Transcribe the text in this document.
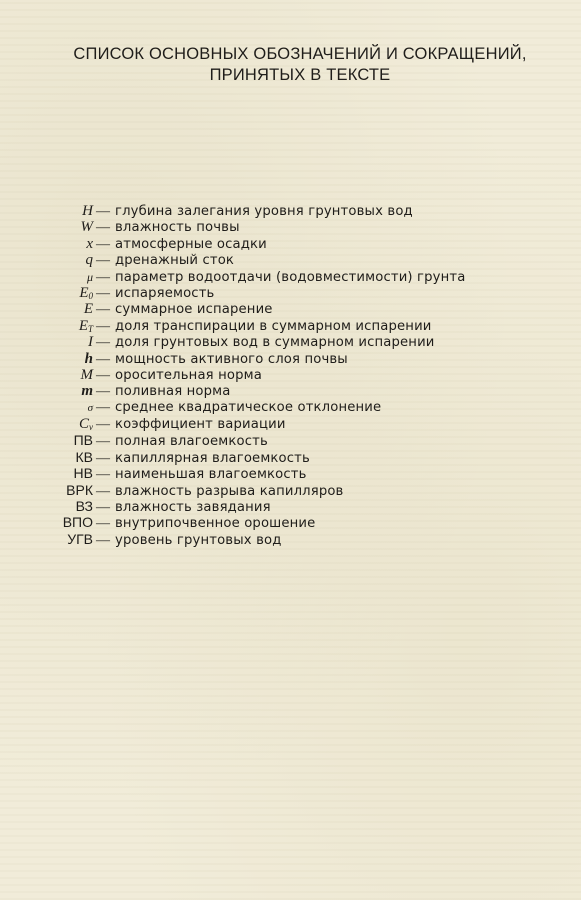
СПИСОК ОСНОВНЫХ ОБОЗНАЧЕНИЙ И СОКРАЩЕНИЙ,
ПРИНЯТЫХ В ТЕКСТЕ
H — глубина залегания уровня грунтовых вод
W — влажность почвы
x — атмосферные осадки
q — дренажный сток
μ — параметр водоотдачи (водовместимости) грунта
$E_0$ — испаряемость
E — суммарное испарение
$E_T$ — доля транспирации в суммарном испарении
I — доля грунтовых вод в суммарном испарении
h — мощность активного слоя почвы
M — оросительная норма
m — поливная норма
σ — среднее квадратическое отклонение
$C_v$ — коэффициент вариации
ПВ — полная влагоемкость
КВ — капиллярная влагоемкость
НВ — наименьшая влагоемкость
ВРК — влажность разрыва капилляров
ВЗ — влажность завядания
ВПО — внутрипочвенное орошение
УГВ — уровень грунтовых вод
